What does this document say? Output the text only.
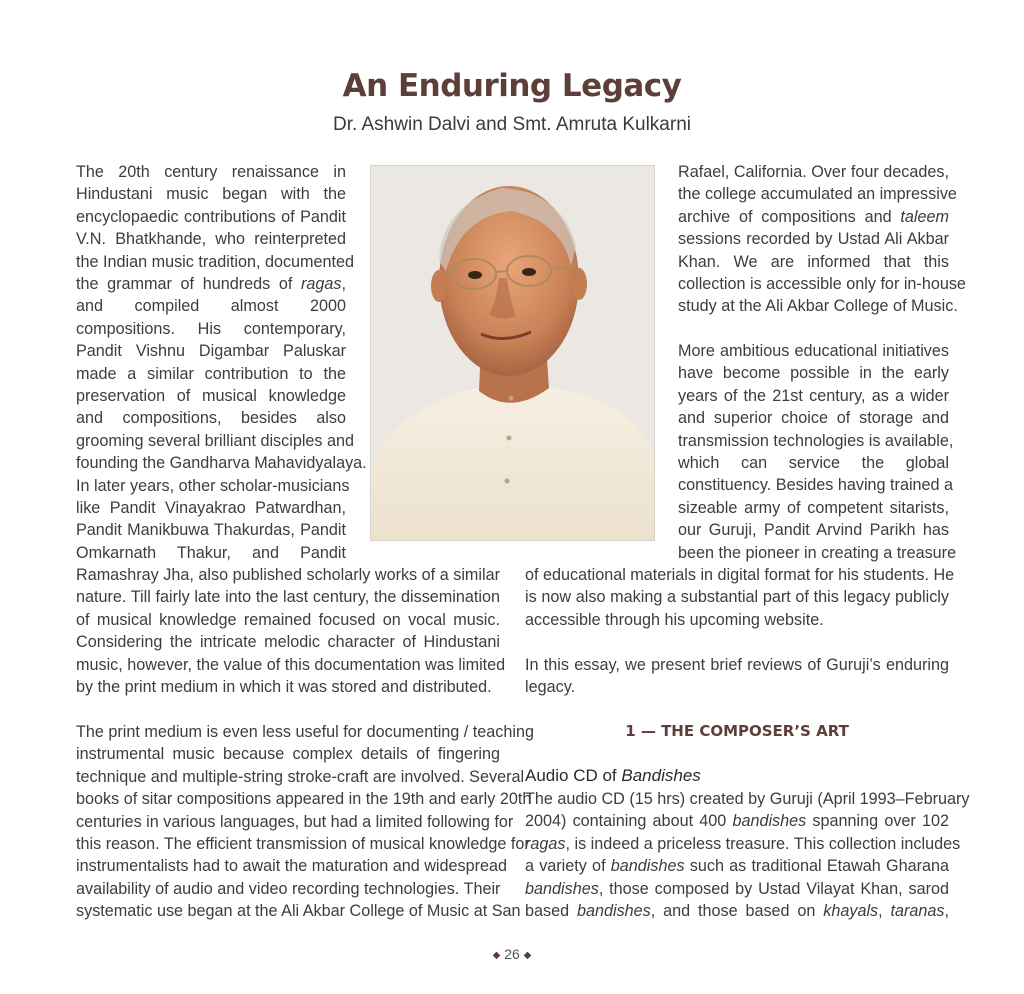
An Enduring Legacy
Dr. Ashwin Dalvi and Smt. Amruta Kulkarni
The 20th century renaissance in
Hindustani music began with the
encyclopaedic contributions of Pandit
V.N. Bhatkhande, who reinterpreted
the Indian music tradition, documented
the grammar of hundreds of ragas,
and compiled almost 2000
compositions. His contemporary,
Pandit Vishnu Digambar Paluskar
made a similar contribution to the
preservation of musical knowledge
and compositions, besides also
grooming several brilliant disciples and
founding the Gandharva Mahavidyalaya.
In later years, other scholar-musicians
like Pandit Vinayakrao Patwardhan,
Pandit Manikbuwa Thakurdas, Pandit
Omkarnath Thakur, and Pandit
Ramashray Jha, also published scholarly works of a similar
nature. Till fairly late into the last century, the dissemination
of musical knowledge remained focused on vocal music.
Considering the intricate melodic character of Hindustani
music, however, the value of this documentation was limited
by the print medium in which it was stored and distributed.
Rafael, California. Over four decades,
the college accumulated an impressive
archive of compositions and taleem
sessions recorded by Ustad Ali Akbar
Khan. We are informed that this
collection is accessible only for in-house
study at the Ali Akbar College of Music.
More ambitious educational initiatives
have become possible in the early
years of the 21st century, as a wider
and superior choice of storage and
transmission technologies is available,
which can service the global
constituency. Besides having trained a
sizeable army of competent sitarists,
our Guruji, Pandit Arvind Parikh has
been the pioneer in creating a treasure
of educational materials in digital format for his students. He
is now also making a substantial part of this legacy publicly
accessible through his upcoming website.
In this essay, we present brief reviews of Guruji’s enduring
legacy.
1 — THE COMPOSER’S ART
Audio CD of Bandishes
The print medium is even less useful for documenting / teaching
instrumental music because complex details of fingering
technique and multiple-string stroke-craft are involved. Several
books of sitar compositions appeared in the 19th and early 20th
centuries in various languages, but had a limited following for
this reason. The efficient transmission of musical knowledge for
instrumentalists had to await the maturation and widespread
availability of audio and video recording technologies. Their
systematic use began at the Ali Akbar College of Music at San
The audio CD (15 hrs) created by Guruji (April 1993–February
2004) containing about 400 bandishes spanning over 102
ragas, is indeed a priceless treasure. This collection includes
a variety of bandishes such as traditional Etawah Gharana
bandishes, those composed by Ustad Vilayat Khan, sarod
based bandishes, and those based on khayals, taranas,
◆ 26 ◆
